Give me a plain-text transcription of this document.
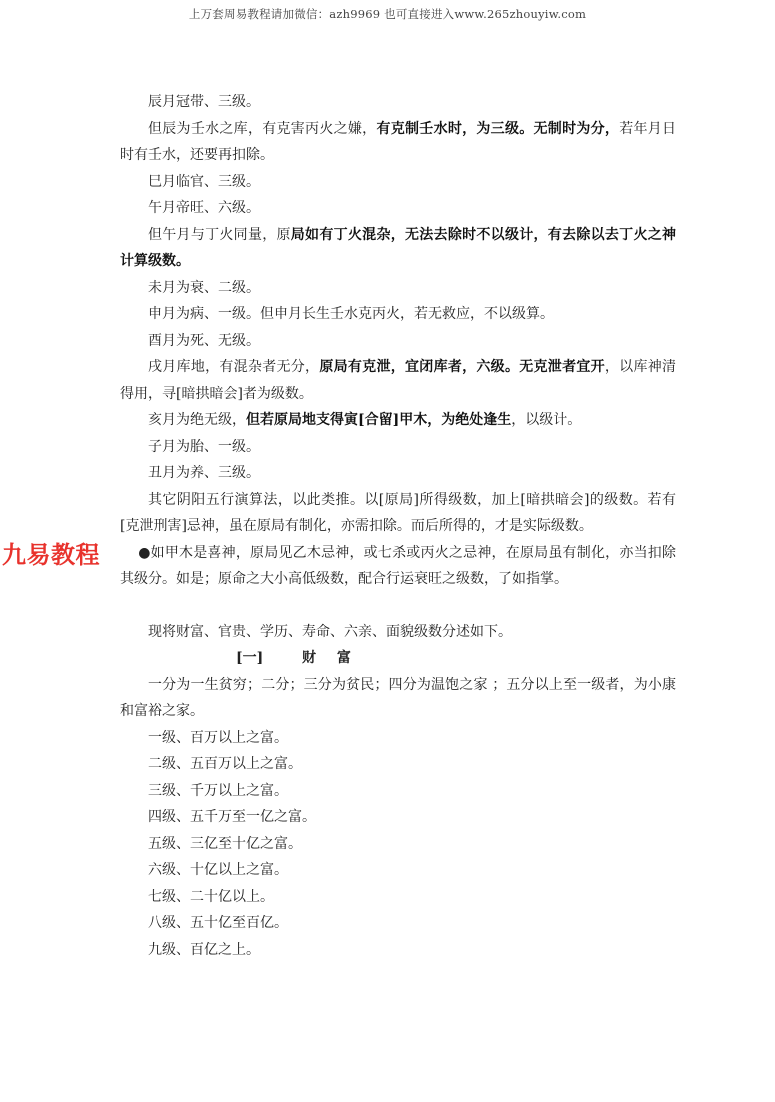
上万套周易教程请加微信：azh9969 也可直接进入www.265zhouyiw.com
九易教程

辰月冠带、三级。

但辰为壬水之库，有克害丙火之嫌，有克制壬水时，为三级。无制时为分，若年月日时有壬水，还要再扣除。

巳月临官、三级。

午月帝旺、六级。

但午月与丁火同量，原局如有丁火混杂，无法去除时不以级计，有去除以去丁火之神计算级数。

未月为衰、二级。

申月为病、一级。但申月长生壬水克丙火，若无救应，不以级算。

酉月为死、无级。

戌月库地，有混杂者无分，原局有克泄，宜闭库者，六级。无克泄者宜开，以库神清得用，寻[暗拱暗会]者为级数。

亥月为绝无级，但若原局地支得寅[合留]甲木，为绝处逢生，以级计。

子月为胎、一级。

丑月为养、三级。

其它阴阳五行演算法，以此类推。以[原局]所得级数，加上[暗拱暗会]的级数。若有[克泄刑害]忌神，虽在原局有制化，亦需扣除。而后所得的，才是实际级数。

●如甲木是喜神，原局见乙木忌神，或七杀或丙火之忌神，在原局虽有制化，亦当扣除其级分。如是；原命之大小高低级数，配合行运衰旺之级数，了如指掌。

现将财富、官贵、学历、寿命、六亲、面貌级数分述如下。

[一]	财 富

一分为一生贫穷；二分；三分为贫民；四分为温饱之家 ；五分以上至一级者，为小康和富裕之家。

一级、百万以上之富。

二级、五百万以上之富。

三级、千万以上之富。

四级、五千万至一亿之富。

五级、三亿至十亿之富。

六级、十亿以上之富。

七级、二十亿以上。

八级、五十亿至百亿。

九级、百亿之上。
